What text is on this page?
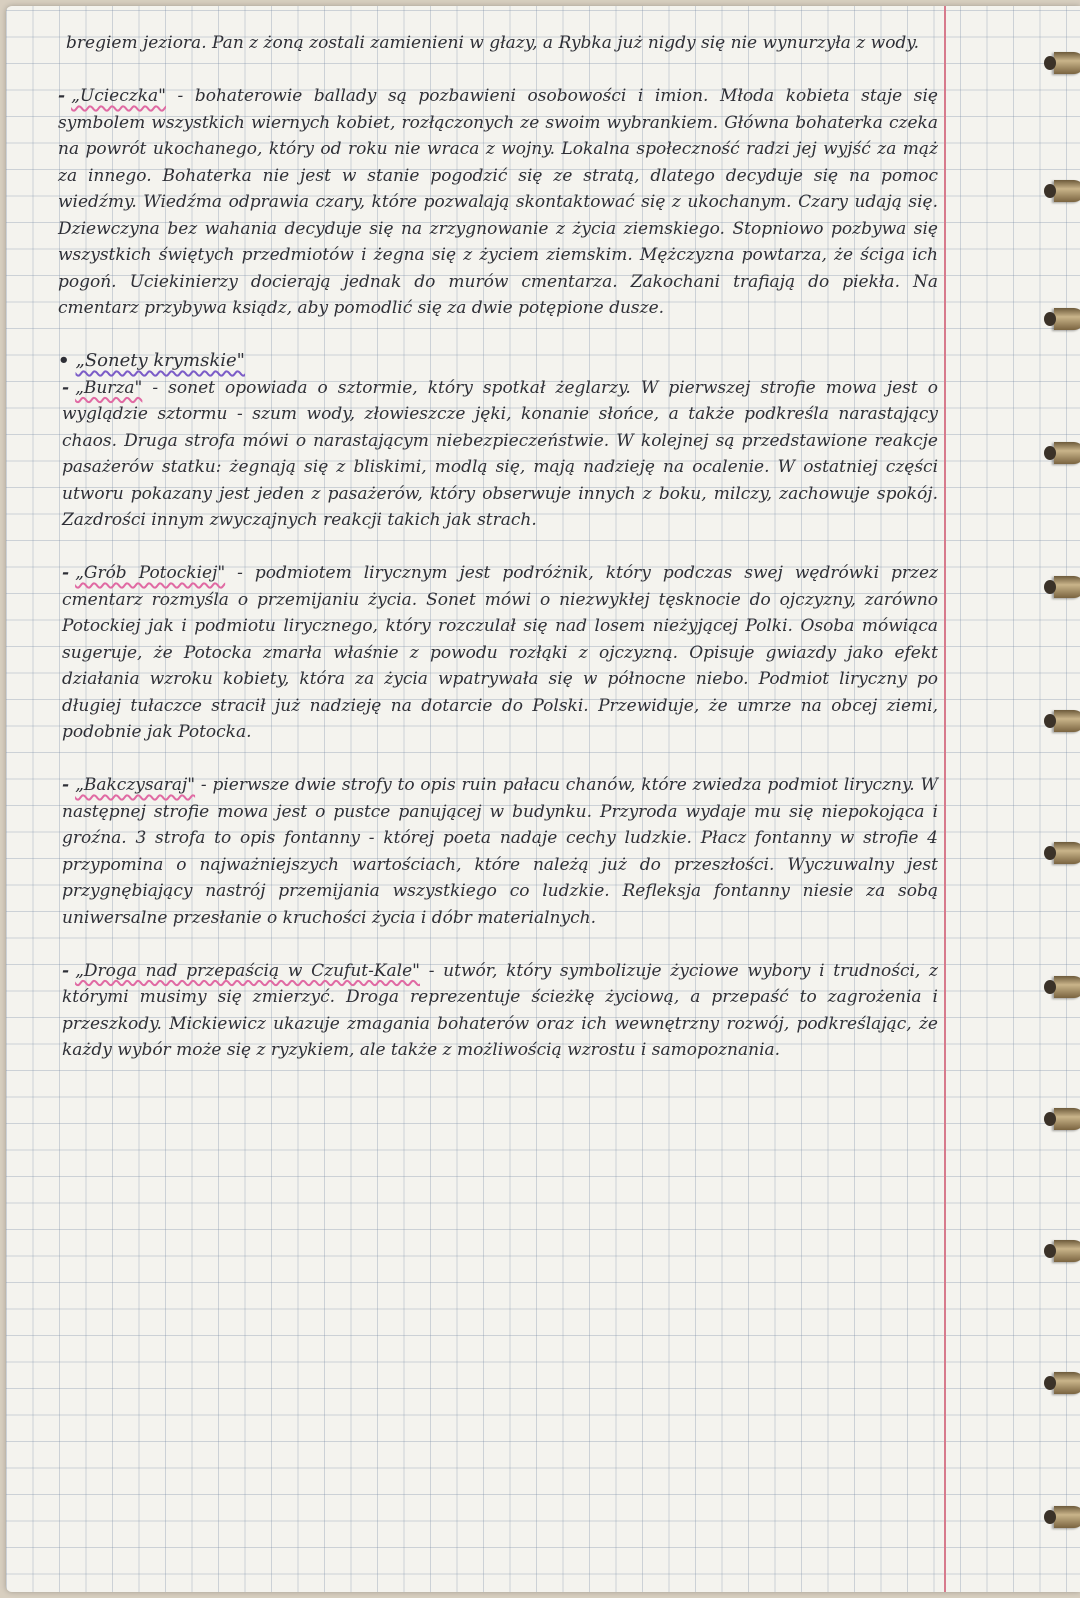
bregiem jeziora. Pan z żoną zostali zamienieni w głazy, a Rybka już nigdy się nie wynurzyła z wody.

- „Ucieczka" - bohaterowie ballady są pozbawieni osobowości i imion. Młoda kobieta staje się symbolem wszystkich wiernych kobiet, rozłączonych ze swoim wybrankiem. Główna bohaterka czeka na powrót ukochanego, który od roku nie wraca z wojny. Lokalna społeczność radzi jej wyjść za mąż za innego. Bohaterka nie jest w stanie pogodzić się ze stratą, dlatego decyduje się na pomoc wiedźmy. Wiedźma odprawia czary, które pozwalają skontaktować się z ukochanym. Czary udają się. Dziewczyna bez wahania decyduje się na zrzygnowanie z życia ziemskiego. Stopniowo pozbywa się wszystkich świętych przedmiotów i żegna się z życiem ziemskim. Mężczyzna powtarza, że ściga ich pogoń. Uciekinierzy docierają jednak do murów cmentarza. Zakochani trafiają do piekła. Na cmentarz przybywa ksiądz, aby pomodlić się za dwie potępione dusze.

• „Sonety krymskie"

- „Burza" - sonet opowiada o sztormie, który spotkał żeglarzy. W pierwszej strofie mowa jest o wyglądzie sztormu - szum wody, złowieszcze jęki, konanie słońce, a także podkreśla narastający chaos. Druga strofa mówi o narastającym niebezpieczeństwie. W kolejnej są przedstawione reakcje pasażerów statku: żegnają się z bliskimi, modlą się, mają nadzieję na ocalenie. W ostatniej części utworu pokazany jest jeden z pasażerów, który obserwuje innych z boku, milczy, zachowuje spokój. Zazdrości innym zwyczajnych reakcji takich jak strach.

- „Grób Potockiej" - podmiotem lirycznym jest podróżnik, który podczas swej wędrówki przez cmentarz rozmyśla o przemijaniu życia. Sonet mówi o niezwykłej tęsknocie do ojczyzny, zarówno Potockiej jak i podmiotu lirycznego, który rozczulał się nad losem nieżyjącej Polki. Osoba mówiąca sugeruje, że Potocka zmarła właśnie z powodu rozłąki z ojczyzną. Opisuje gwiazdy jako efekt działania wzroku kobiety, która za życia wpatrywała się w północne niebo. Podmiot liryczny po długiej tułaczce stracił już nadzieję na dotarcie do Polski. Przewiduje, że umrze na obcej ziemi, podobnie jak Potocka.

- „Bakczysaraj" - pierwsze dwie strofy to opis ruin pałacu chanów, które zwiedza podmiot liryczny. W następnej strofie mowa jest o pustce panującej w budynku. Przyroda wydaje mu się niepokojąca i groźna. 3 strofa to opis fontanny - której poeta nadaje cechy ludzkie. Płacz fontanny w strofie 4 przypomina o najważniejszych wartościach, które należą już do przeszłości. Wyczuwalny jest przygnębiający nastrój przemijania wszystkiego co ludzkie. Refleksja fontanny niesie za sobą uniwersalne przesłanie o kruchości życia i dóbr materialnych.

- „Droga nad przepaścią w Czufut-Kale" - utwór, który symbolizuje życiowe wybory i trudności, z którymi musimy się zmierzyć. Droga reprezentuje ścieżkę życiową, a przepaść to zagrożenia i przeszkody. Mickiewicz ukazuje zmagania bohaterów oraz ich wewnętrzny rozwój, podkreślając, że każdy wybór może się z ryzykiem, ale także z możliwością wzrostu i samopoznania.
